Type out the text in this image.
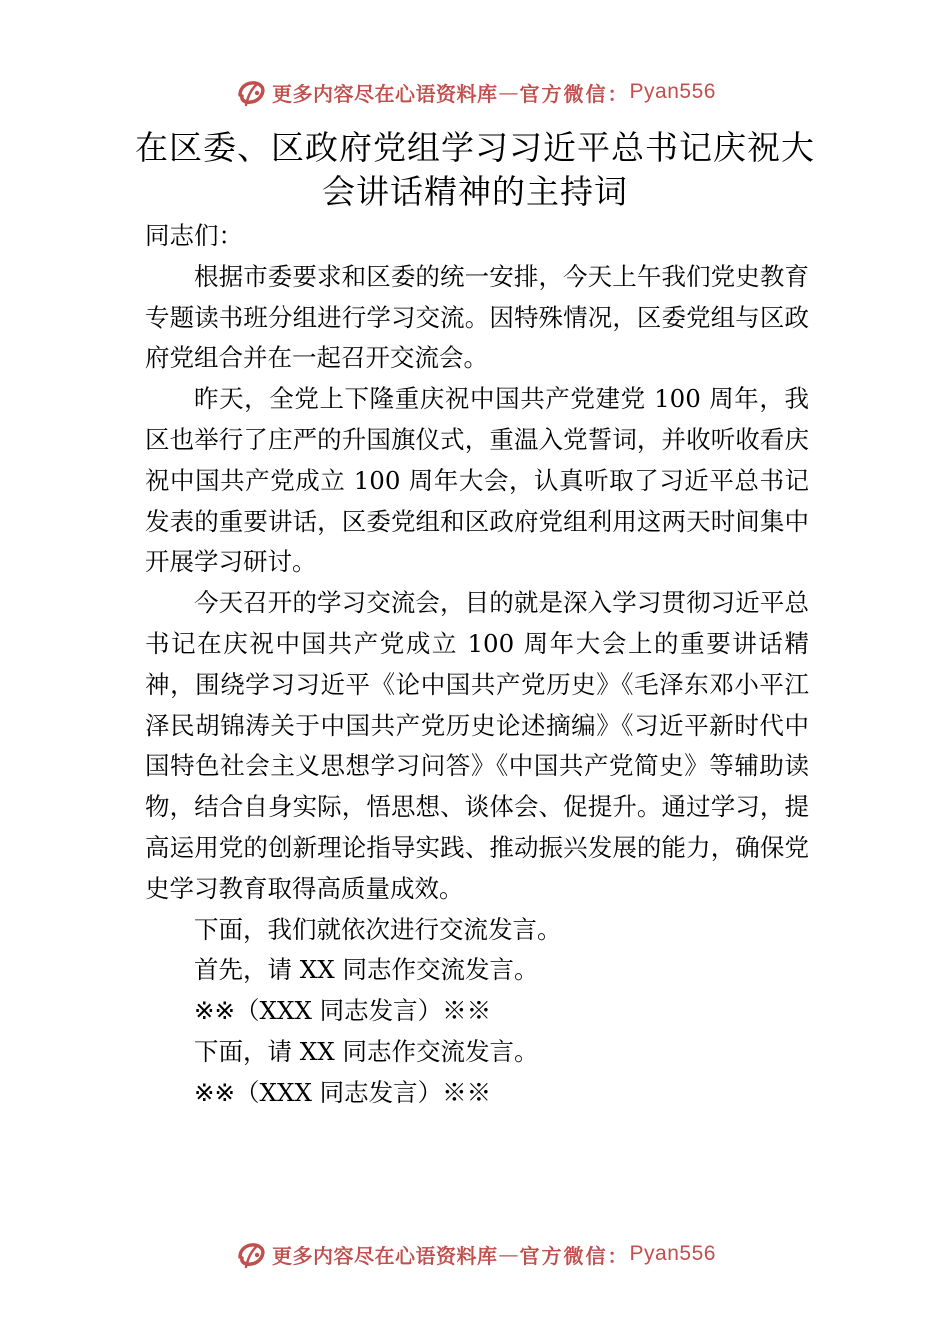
更多内容尽在心语资料库 — 官方微信： Pyan556
在区委、区政府党组学习习近平总书记庆祝大会讲话精神的主持词

同志们：

根据市委要求和区委的统一安排，今天上午我们党史教育专题读书班分组进行学习交流。因特殊情况，区委党组与区政府党组合并在一起召开交流会。

昨天，全党上下隆重庆祝中国共产党建党 100 周年，我区也举行了庄严的升国旗仪式，重温入党誓词，并收听收看庆祝中国共产党成立 100 周年大会，认真听取了习近平总书记发表的重要讲话，区委党组和区政府党组利用这两天时间集中开展学习研讨。

今天召开的学习交流会，目的就是深入学习贯彻习近平总书记在庆祝中国共产党成立 100 周年大会上的重要讲话精神，围绕学习习近平《论中国共产党历史》《毛泽东邓小平江泽民胡锦涛关于中国共产党历史论述摘编》《习近平新时代中国特色社会主义思想学习问答》《中国共产党简史》等辅助读物，结合自身实际，悟思想、谈体会、促提升。通过学习，提高运用党的创新理论指导实践、推动振兴发展的能力，确保党史学习教育取得高质量成效。

下面，我们就依次进行交流发言。

首先，请 XX 同志作交流发言。

※※（XXX 同志发言）※※

下面，请 XX 同志作交流发言。

※※（XXX 同志发言）※※

更多内容尽在心语资料库 — 官方微信： Pyan556
